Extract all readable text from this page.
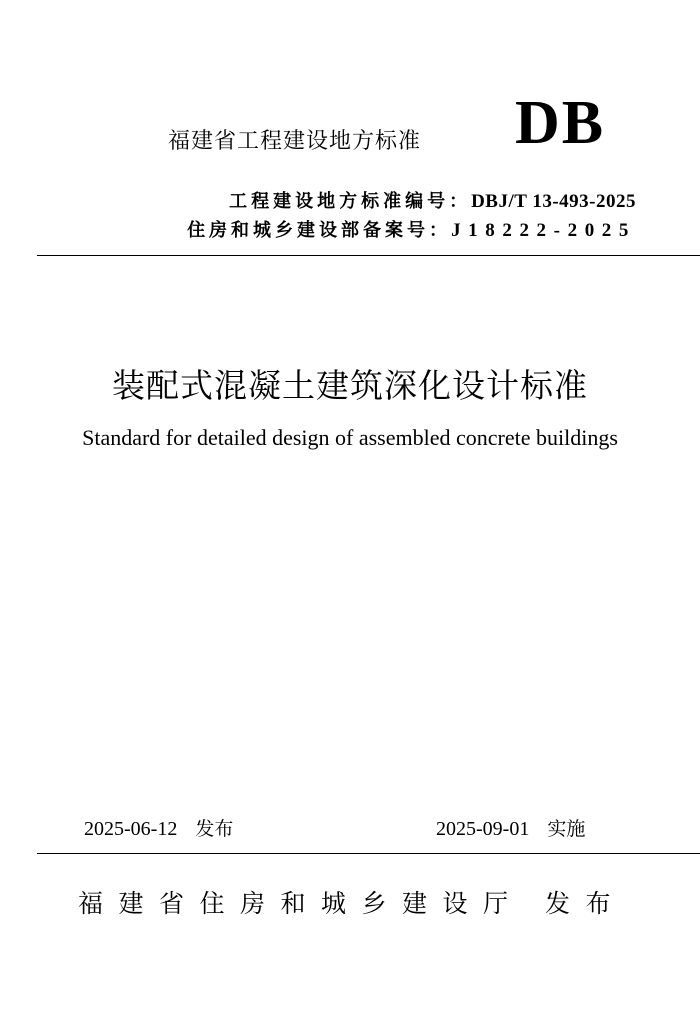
福建省工程建设地方标准 DB
工程建设地方标准编号：DBJ/T 13-493-2025
住房和城乡建设部备案号：J18222-2025
装配式混凝土建筑深化设计标准
Standard for detailed design of assembled concrete buildings
2025-06-12 发布	2025-09-01 实施
福建省住房和城乡建设厅 发布
